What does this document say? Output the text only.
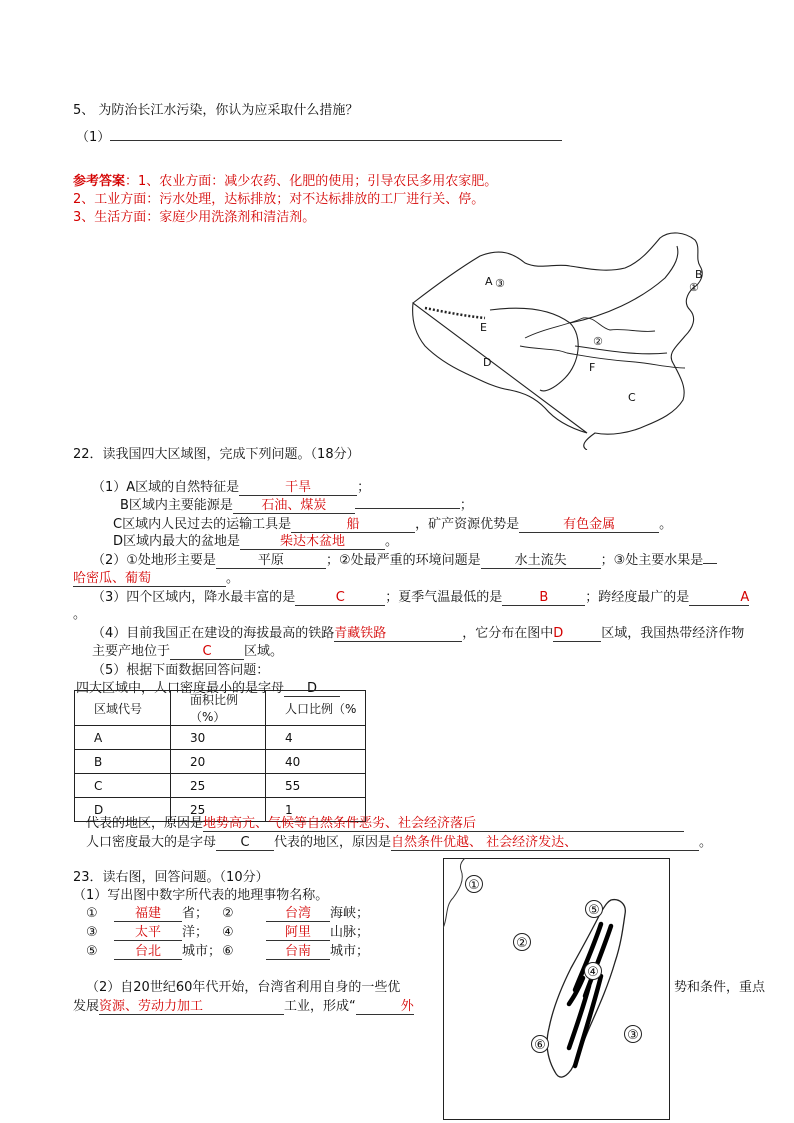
5、 为防治长江水污染，你认为应采取什么措施？
（1）
参考答案：1、农业方面：减少农药、化肥的使用；引导农民多用农家肥。
2、工业方面：污水处理，达标排放；对不达标排放的工厂进行关、停。
3、生活方面：家庭少用洗涤剂和清洁剂。
A ③
B
①
E
②
D	F
C
22．读我国四大区域图，完成下列问题。（18分）
（1）A区域的自然特征是	干旱	；
B区域内主要能源是 石油、煤炭	；
C区域内人民过去的运输工具是	船	，矿产资源优势是	有色金属	。
D区域内最大的盆地是	柴达木盆地	。
（2）①处地形主要是	平原	；②处最严重的环境问题是	水土流失	；③处主要水果是
哈密瓜、葡萄	。
（3）四个区域内，降水最丰富的是	C	；夏季气温最低的是	B	；跨经度最广的是	A
。
（4）目前我国正在建设的海拔最高的铁路青藏铁路	，它分布在图中D	区域，我国热带经济作物
主要产地位于 C 区域。
（5）根据下面数据回答问题：
四大区域中，人口密度最小的是字母 D
区域代号	面积比例（%）	人口比例（%
A	30	4
B	20	40
C	25	55
D	25	1
代表的地区，原因是地势高亢、气候等自然条件恶劣、社会经济落后
人口密度最大的是字母 C 代表的地区，原因是自然条件优越、 社会经济发达、	。
23．读右图，回答问题。（10分）
（1）写出图中数字所代表的地理事物名称。
①	福建 省； ②	台湾 海峡；
③	太平 洋； ④	阿里 山脉；
⑤	台北 城市；⑥	台南 城市；
（2）自20世纪60年代开始，台湾省利用自身的一些优	势和条件，重点
发展资源、劳动力加工	工业，形成“	外
①
②
③
④
⑤
⑥
